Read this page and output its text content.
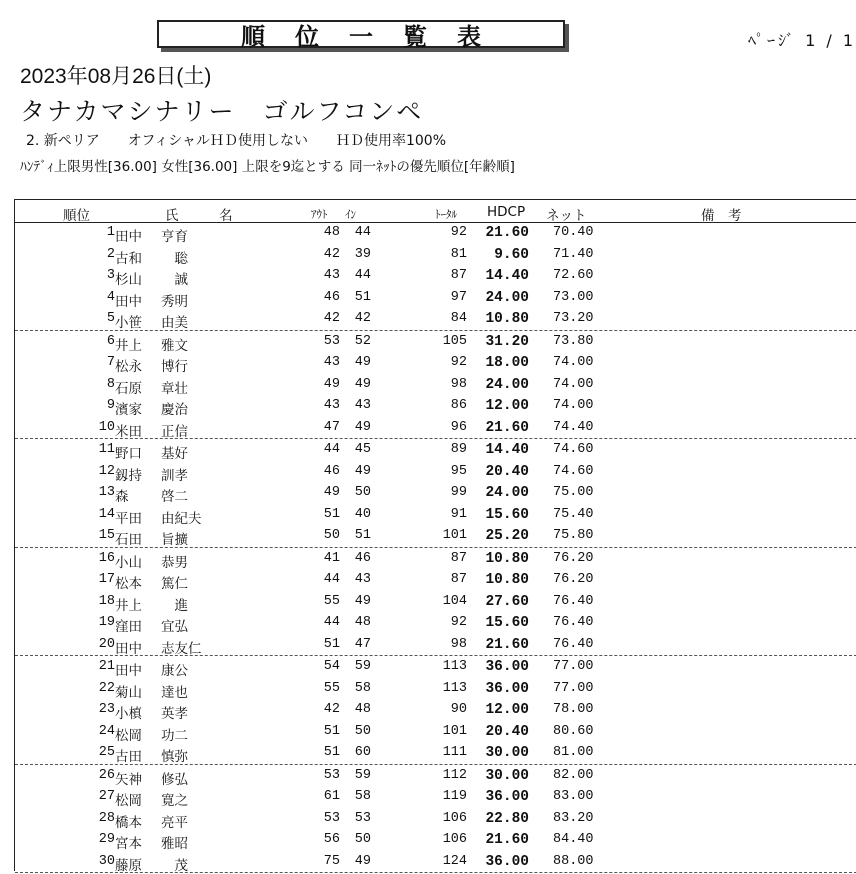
順位一覧表	ﾍﾟｰｼﾞ 1 / 1
2023年08月26日(土)
タナカマシナリー　ゴルフコンペ
2. 新ペリア　　オフィシャルＨＤ使用しない　　ＨＤ使用率100%
ﾊﾝﾃﾞｨ上限男性[36.00] 女性[36.00] 上限を9迄とする 同一ﾈｯﾄの優先順位[年齢順]
順位	氏　　　名	ｱｳﾄ ｲﾝ	ﾄｰﾀﾙ HDCP ネット	備　考
1 田中 亨育	48	44	92 21.60 70.40
2 古和 　聡	42	39	81	9.60 71.40
3 杉山 　誠	43	44	87 14.40 72.60
4 田中 秀明	46	51	97 24.00 73.00
5 小笹 由美	42	42	84 10.80 73.20
6 井上 雅文	53	52	105 31.20 73.80
7 松永 博行	43	49	92 18.00 74.00
8 石原 章壮	49	49	98 24.00 74.00
9 濱家 慶治	43	43	86 12.00 74.00
10 米田 正信	47	49	96 21.60 74.40
11 野口 基好	44	45	89 14.40 74.60
12 釼持 訓孝	46	49	95 20.40 74.60
13 森 啓二	49	50	99 24.00 75.00
14 平田 由紀夫	51	40	91 15.60 75.40
15 石田 旨擴	50	51	101 25.20 75.80
16 小山 恭男	41	46	87 10.80 76.20
17 松本 篤仁	44	43	87 10.80 76.20
18 井上 　進	55	49	104 27.60 76.40
19 窪田 宜弘	44	48	92 15.60 76.40
20 田中 志友仁	51	47	98 21.60 76.40
21 田中 康公	54	59	113 36.00 77.00
22 菊山 達也	55	58	113 36.00 77.00
23 小槙 英孝	42	48	90 12.00 78.00
24 松岡 功二	51	50	101 20.40 80.60
25 古田 慎弥	51	60	111 30.00 81.00
26 矢神 修弘	53	59	112 30.00 82.00
27 松岡 寛之	61	58	119 36.00 83.00
28 橋本 亮平	53	53	106 22.80 83.20
29 宮本 雅昭	56	50	106 21.60 84.40
30 藤原 　茂	75	49	124 36.00 88.00
